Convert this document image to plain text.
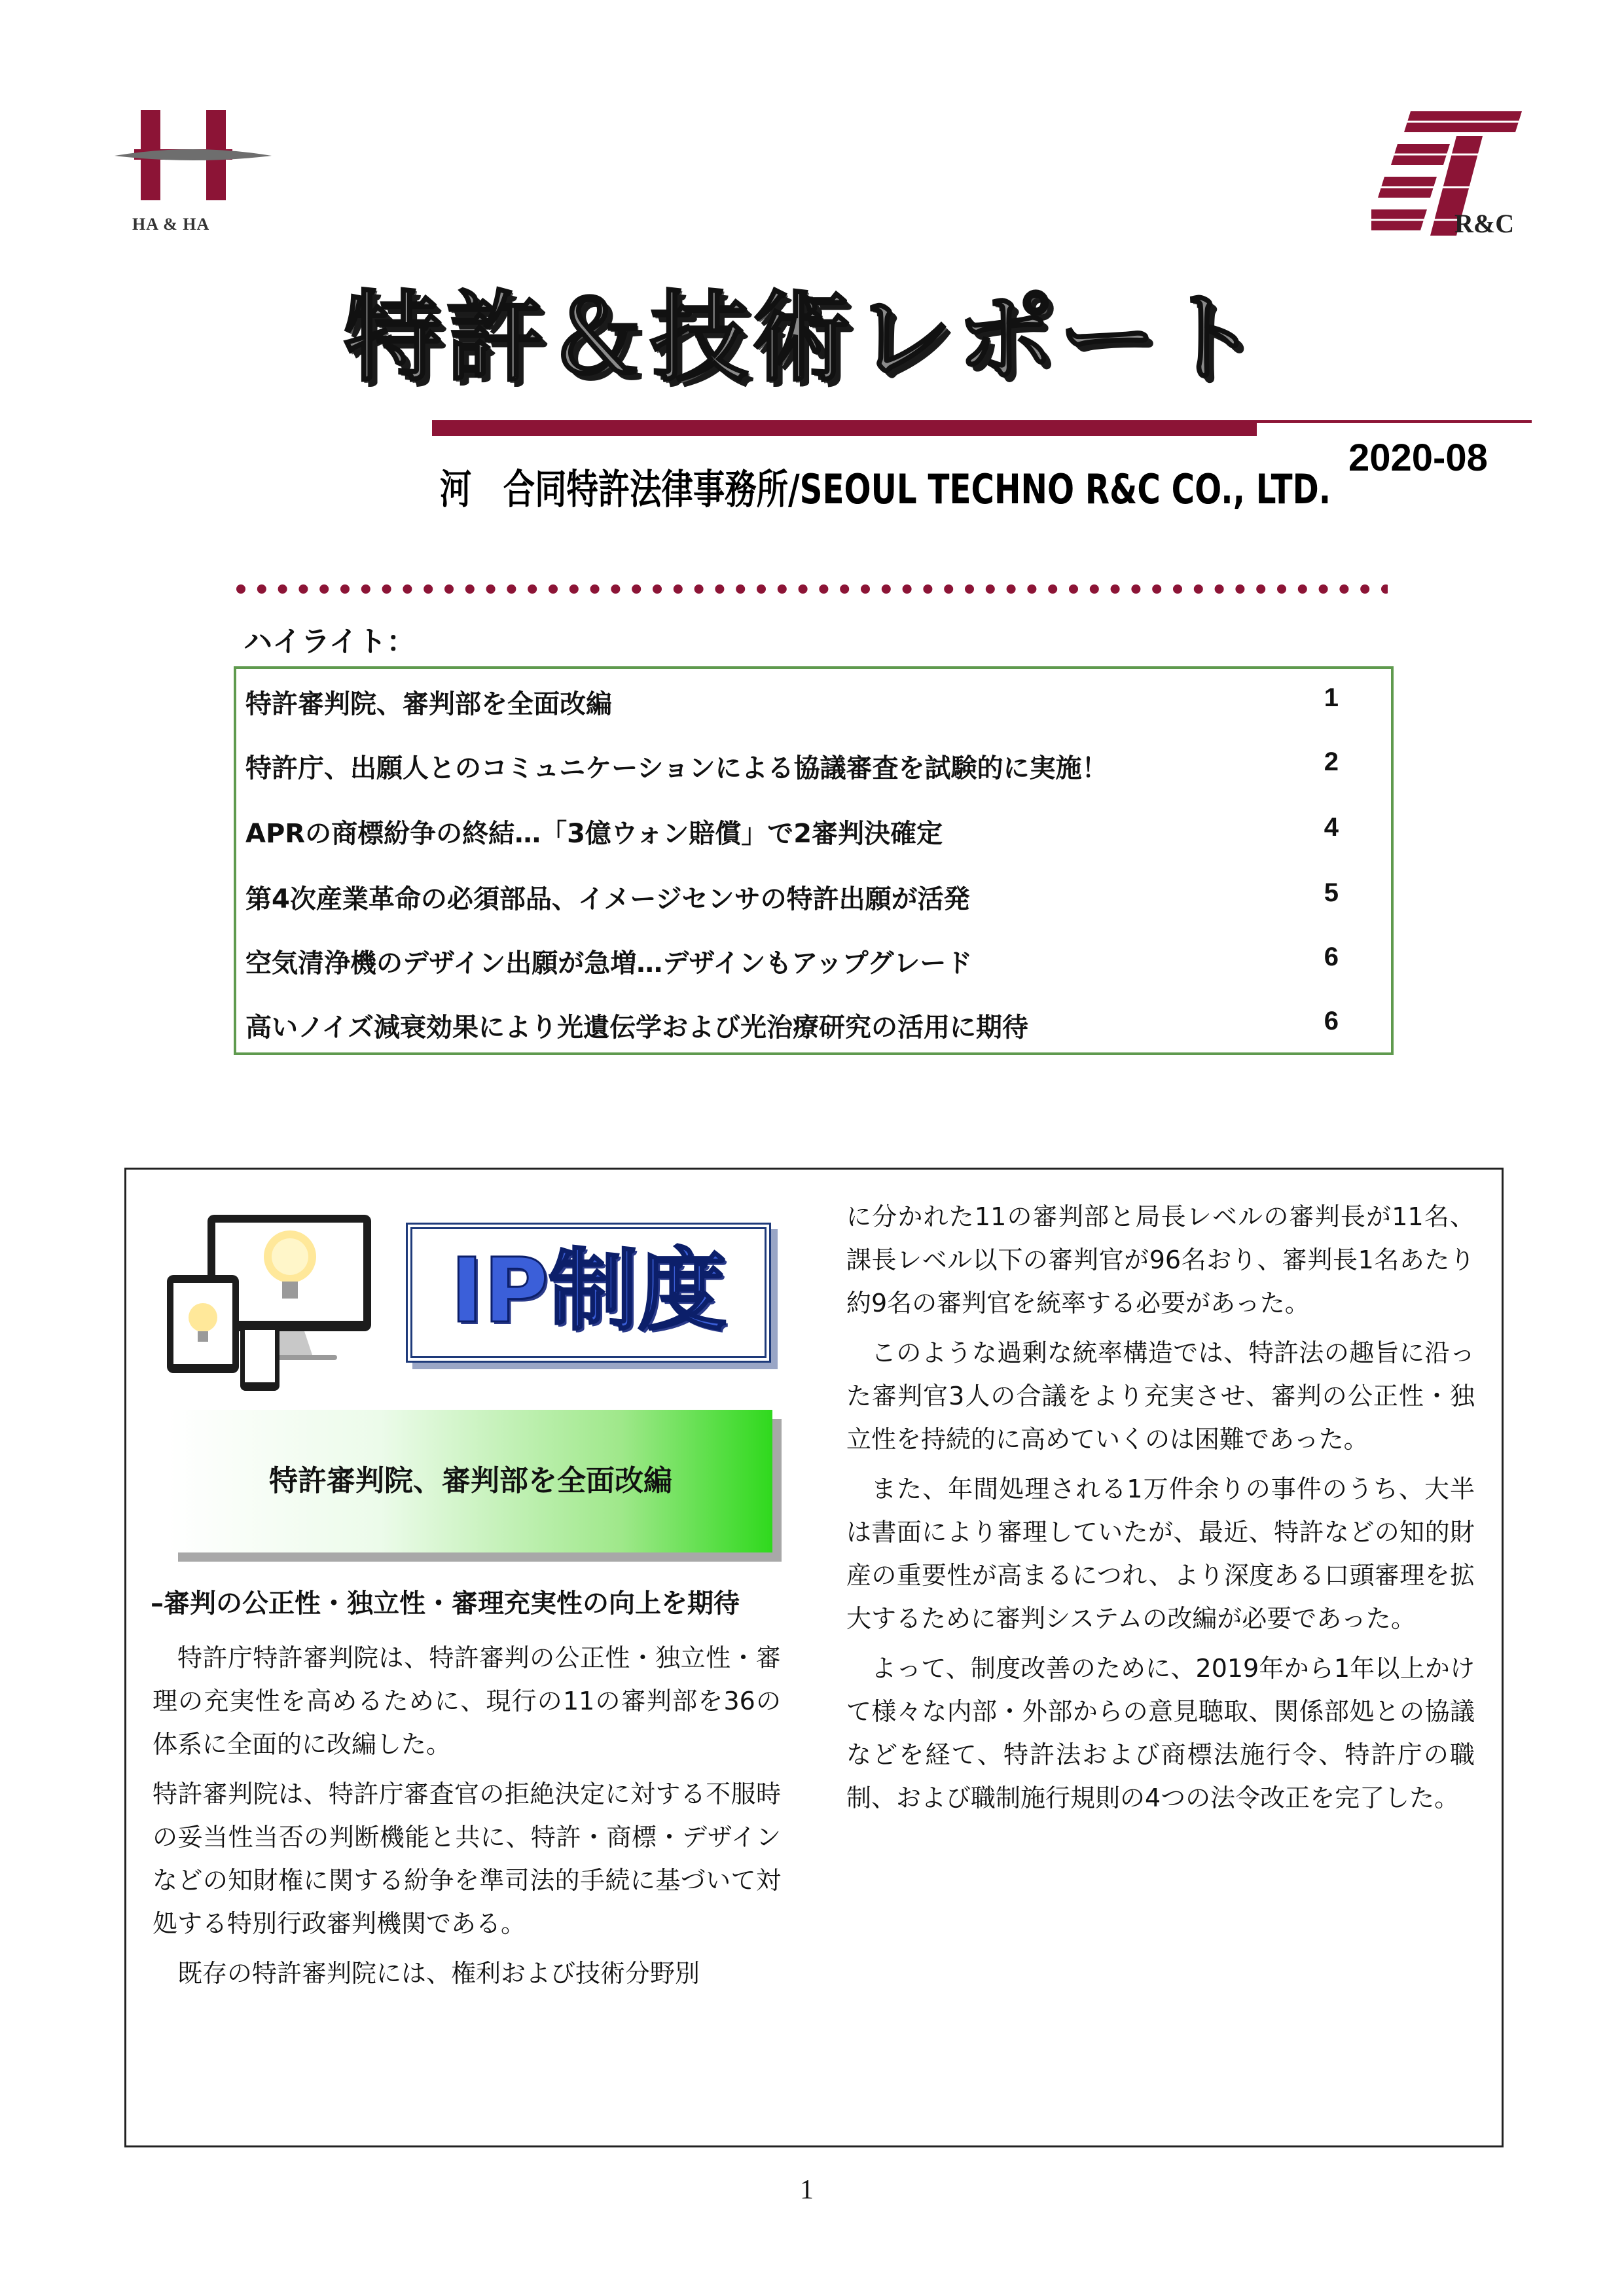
HA & HA	R&C
特許＆技術レポート
河　合同特許法律事務所/SEOUL TECHNO R&C CO., LTD.
2020-08
ハイライト：
特許審判院、審判部を全面改編	1
特許庁、出願人とのコミュニケーションによる協議審査を試験的に実施！	2
APRの商標紛争の終結…「3億ウォン賠償」で2審判決確定	4
第4次産業革命の必須部品、イメージセンサの特許出願が活発	5
空気清浄機のデザイン出願が急増…デザインもアップグレード	6
高いノイズ減衰効果により光遺伝学および光治療研究の活用に期待	6
IP制度
特許審判院、審判部を全面改編
–審判の公正性・独立性・審理充実性の向上を期待

特許庁特許審判院は、特許審判の公正性・独立性・審理の充実性を高めるために、現行の11の審判部を36の体系に全面的に改編した。

特許審判院は、特許庁審査官の拒絶決定に対する不服時の妥当性当否の判断機能と共に、特許・商標・デザインなどの知財権に関する紛争を準司法的手続に基づいて対処する特別行政審判機関である。

既存の特許審判院には、権利および技術分野別

に分かれた11の審判部と局長レベルの審判長が11名、課長レベル以下の審判官が96名おり、審判長1名あたり約9名の審判官を統率する必要があった。

このような過剰な統率構造では、特許法の趣旨に沿った審判官3人の合議をより充実させ、審判の公正性・独立性を持続的に高めていくのは困難であった。

また、年間処理される1万件余りの事件のうち、大半は書面により審理していたが、最近、特許などの知的財産の重要性が高まるにつれ、より深度ある口頭審理を拡大するために審判システムの改編が必要であった。

よって、制度改善のために、2019年から1年以上かけて様々な内部・外部からの意見聴取、関係部処との協議などを経て、特許法および商標法施行令、特許庁の職制、および職制施行規則の4つの法令改正を完了した。

1
